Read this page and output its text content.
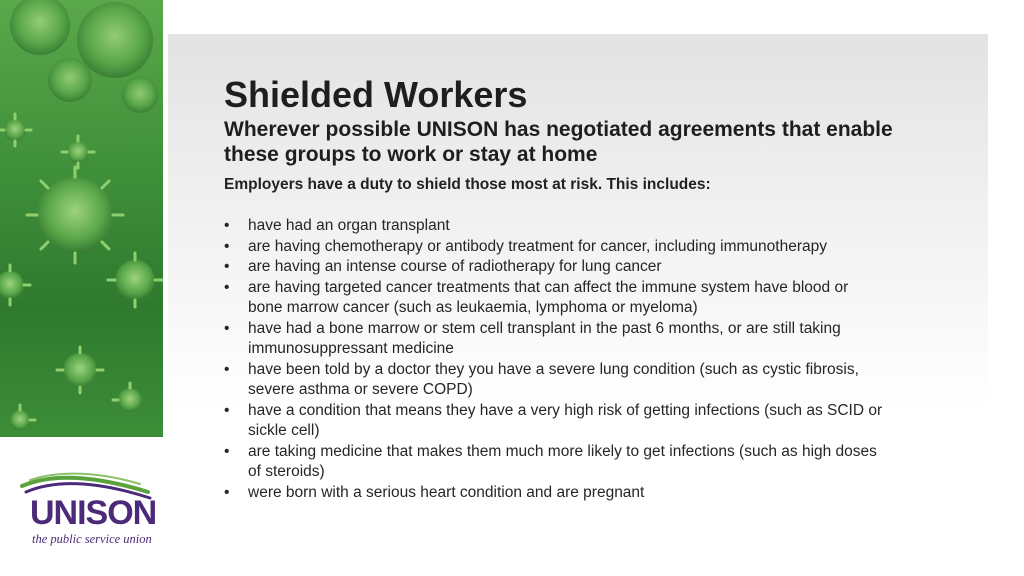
Shielded Workers

Wherever possible UNISON has negotiated agreements that enable these groups to work or stay at home

Employers have a duty to shield those most at risk. This includes:

• have had an organ transplant
• are having chemotherapy or antibody treatment for cancer, including immunotherapy
• are having an intense course of radiotherapy for lung cancer
• are having targeted cancer treatments that can affect the immune system have blood or bone marrow cancer (such as leukaemia, lymphoma or myeloma)
• have had a bone marrow or stem cell transplant in the past 6 months, or are still taking immunosuppressant medicine
• have been told by a doctor they you have a severe lung condition (such as cystic fibrosis, severe asthma or severe COPD)
• have a condition that means they have a very high risk of getting infections (such as SCID or sickle cell)
• are taking medicine that makes them much more likely to get infections (such as high doses of steroids)
• were born with a serious heart condition and are pregnant
UNISON
the public service union
